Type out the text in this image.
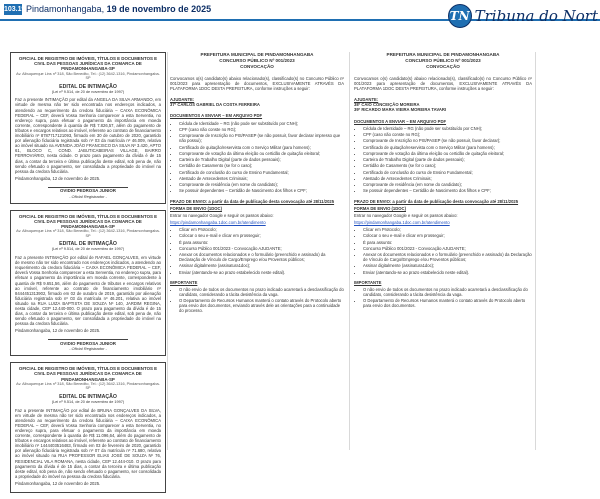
103.1%
Pindamonhangaba, 19 de novembro de 2025	TN Tribuna do Nort
OFICIAL DE REGISTRO DE IMÓVEIS, TÍTULOS E DOCUMENTOS E CIVIL DAS PESSOAS JURÍDICAS DA COMARCA DE PINDAMONHANGABA-SP
Av. Albuquerque Lins nº 318, São Benedito, Tel.: (12) 3642-1316, Pindamonhangaba-SP
EDITAL DE INTIMAÇÃO
(Lei nº 9.514, de 20 de novembro de 1997)

Faz a presente INTIMAÇÃO por edital da ANGELA DA SILVA ARMANDO, em virtude de mesma não ter sido encontrada nos endereços indicados, a atendendo ao requerimento da credora fiduciária – CAIXA ECONÔMICA FEDERAL – CEF, deverá Vossa Senhoria comparecer a esta Serventia, no endereço supra, para efetuar o pagamento da importância em moeda corrente, correspondente à quantia de R$ 7.826,57, além do pagamento de tributos e encargos relativos ao imóvel, referente ao contrato de financiamento imobiliário nº 8787717121093, firmado em 30 de outubro de 2020, garantido por alienação fiduciária registrada sob nº 03 da matrícula nº 46.009, relativa ao imóvel situado na AVENIDA JOÃO FRANCISCO DA SILVA Nº 3.420, APTO 61, BLOCO C, COND. JABUTICABEIRAS VILLAGE, BAIRRO FERROVIÁRIO, nesta cidade. O prazo para pagamento da dívida é de 15 dias, a contar da terceira e última publicação deste edital, sob pena de, não sendo efetuado o pagamento, ser consolidada a propriedade do imóvel na pessoa da credora fiduciária.

Pindamonhangaba, 12 de novembro de 2025.

OVIDIO PEDROSA JUNIOR
- Oficial Registrador -
OFICIAL DE REGISTRO DE IMÓVEIS, TÍTULOS E DOCUMENTOS E CIVIL DAS PESSOAS JURÍDICAS DA COMARCA DE PINDAMONHANGABA-SP
Av. Albuquerque Lins nº 318, São Benedito, Tel.: (12) 3642-1316, Pindamonhangaba-SP
EDITAL DE INTIMAÇÃO
(Lei nº 9.514, de 20 de novembro de 1997)

Faz a presente INTIMAÇÃO por edital de RAFAEL GONÇALVES, em virtude de mesmo não ter sido encontrado nos endereços indicados, a atendendo ao requerimento da credora fiduciária – CAIXA ECONÔMICA FEDERAL – CEF, deverá Vossa Senhoria comparecer a esta Serventia, no endereço supra, para efetuar o pagamento da importância em moeda corrente, correspondente à quantia de R$ 9.651,56, além do pagamento de tributos e encargos relativos ao imóvel, referente ao contrato de financiamento imobiliário nº 8444451313902, firmado em 02 de outubro de 2019, garantido por alienação fiduciária registrada sob nº 03 da matrícula nº 46.201, relativa ao imóvel situado na RUA LUIZA BAPTISTA DE SOUZA Nº 140, JARDIM REGINA, nesta cidade, CEP 12.440-000. O prazo para pagamento da dívida é de 15 dias, a contar da terceira e última publicação deste edital, sob pena de, não sendo efetuado o pagamento, ser consolidada a propriedade do imóvel na pessoa da credora fiduciária.

Pindamonhangaba, 12 de novembro de 2025.

OVIDIO PEDROSA JUNIOR
- Oficial Registrador -
OFICIAL DE REGISTRO DE IMÓVEIS, TÍTULOS E DOCUMENTOS E CIVIL DAS PESSOAS JURÍDICAS DA COMARCA DE PINDAMONHANGABA-SP
Av. Albuquerque Lins nº 318, São Benedito, Tel.: (12) 3642-1316, Pindamonhangaba-SP
EDITAL DE INTIMAÇÃO
(Lei nº 9.514, de 20 de novembro de 1997)

Faz a presente INTIMAÇÃO por edital de BRUNA GONÇALVES DA SILVA, em virtude de mesma não ter sido encontrada nos endereços indicados, a atendendo ao requerimento da credora fiduciária – CAIXA ECONÔMICA FEDERAL – CEF, deverá Vossa Senhoria comparecer a esta Serventia, no endereço supra, para efetuar o pagamento da importância em moeda corrente, correspondente à quantia de R$ 11.096,64, além do pagamento de tributos e encargos relativos ao imóvel, referente ao contrato de financiamento imobiliário nº 1444403516483, firmado em 03 de fevereiro de 2020, garantido por alienação fiduciária registrada sob nº 07 da matrícula nº 71.680, relativa ao imóvel situado na RUA PROFESSOR ELIAS JOSÉ DE SOUZA Nº 76, RESIDENCIAL VILA ROMANA, nesta cidade, CEP 12.444-010. O prazo para pagamento da dívida é de 15 dias, a contar da terceira e última publicação deste edital, sob pena de, não sendo efetuado o pagamento, ser consolidada a propriedade do imóvel na pessoa da credora fiduciária.

Pindamonhangaba, 12 de novembro de 2025.

PREFEITURA MUNICIPAL DE PINDAMONHANGABA
CONCURSO PÚBLICO Nº 001/2023
CONVOCAÇÃO

Convocamos o(s) candidato(s) abaixo relacionado(s), classificado(s) no Concurso Público nº 001/2023 para apresentação de documentos, EXCLUSIVAMENTE ATRAVÉS DA PLATAFORMA 1DOC DESTA PREFEITURA, conforme instruções a seguir:

AJUDANTE:
37º CARLOS GABRIEL DA COSTA FERREIRA
DOCUMENTOS A ENVIAR – EM ARQUIVO PDF
• Cédula de Identidade – RG (não pode ser substituído por CNH);
• CPF (caso não conste no RG);
• Comprovante de Inscrição no PIS/PASEP (se não possuir, favor declarar impresso que não possui);
• Certificado de quitação/reservista com o Serviço Militar (para homens);
• Comprovante de votação da última eleição ou certidão de quitação eleitoral;
• Carteira de Trabalho Digital (parte de dados pessoais);
• Certidão de Casamento (se for o caso);
• Certificado de conclusão do curso de Ensino Fundamental;
• Atestado de Antecedentes Criminais;
• Comprovante de residência (em nome do candidato);
• Se possuir dependentes – Certidão de Nascimento dos filhos e CPF;

PRAZO DE ENVIO: a partir da data de publicação desta convocação até 28/11/2025

FORMA DE ENVIO (1DOC)

Entrar no navegador Google e seguir os passos abaixo:

https://pindamonhangaba.1doc.com.br/atendimento

• Clicar em Protocolo;
• Colocar o seu e-mail e clicar em prosseguir;
• É para assunto:
• Concurso Público 001/2023 - Convocação AJUDANTE;
• Anexar os documentos relacionados e o formulário (preenchido e assinado) da Declaração de Vínculo de Cargo/Emprego e/ou Proventos públicos;
• Assinar digitalmente (assinatura1doc);
• Enviar (atentando-se ao prazo estabelecido neste edital).

IMPORTANTE

• O não envio de todos os documentos no prazo indicado acarretará a desclassificação do candidato, considerando a tácita desistência da vaga.
• O Departamento de Recursos Humanos manterá o contato através do Protocolo aberto para envio dos documentos, enviando através dele as orientações para a continuidade do processo.
PREFEITURA MUNICIPAL DE PINDAMONHANGABA
CONCURSO PÚBLICO Nº 001/2023
CONVOCAÇÃO

Convocamos o(s) candidato(s) abaixo relacionado(s), classificado(s) no Concurso Público nº 001/2023 para apresentação de documentos, EXCLUSIVAMENTE ATRAVÉS DA PLATAFORMA 1DOC DESTA PREFEITURA, conforme instruções a seguir:

AJUDANTE:
38º CAIO CONCEIÇÃO MOREIRA
39º RICARDO MARA VIEIRA MOREIRA TAVARI
DOCUMENTOS A ENVIAR – EM ARQUIVO PDF
• Cédula de Identidade – RG (não pode ser substituído por CNH);
• CPF (caso não conste no RG);
• Comprovante de Inscrição no PIS/PASEP (se não possuir, favor declarar);
• Certificado de quitação/reservista com o Serviço Militar (para homens);
• Comprovante de votação da última eleição ou certidão de quitação eleitoral;
• Carteira de Trabalho Digital (parte de dados pessoais);
• Certidão de Casamento (se for o caso);
• Certificado de conclusão do curso de Ensino Fundamental;
• Atestado de Antecedentes Criminais;
• Comprovante de residência (em nome do candidato);
• Se possuir dependentes – Certidão de Nascimento dos filhos e CPF;

PRAZO DE ENVIO: a partir da data de publicação desta convocação até 28/11/2025

FORMA DE ENVIO (1DOC)

Entrar no navegador Google e seguir os passos abaixo:

https://pindamonhangaba.1doc.com.br/atendimento

• Clicar em Protocolo;
• Colocar o seu e-mail e clicar em prosseguir;
• É para assunto:
• Concurso Público 001/2023 - Convocação AJUDANTE;
• Anexar os documentos relacionados e o formulário (preenchido e assinado) da Declaração de Vínculo de Cargo/Emprego e/ou Proventos públicos;
• Assinar digitalmente (assinatura1doc);
• Enviar (atentando-se ao prazo estabelecido neste edital).

IMPORTANTE

• O não envio de todos os documentos no prazo indicado acarretará a desclassificação do candidato, considerando a tácita desistência da vaga.
• O Departamento de Recursos Humanos manterá o contato através do Protocolo aberto para envio dos documentos.
